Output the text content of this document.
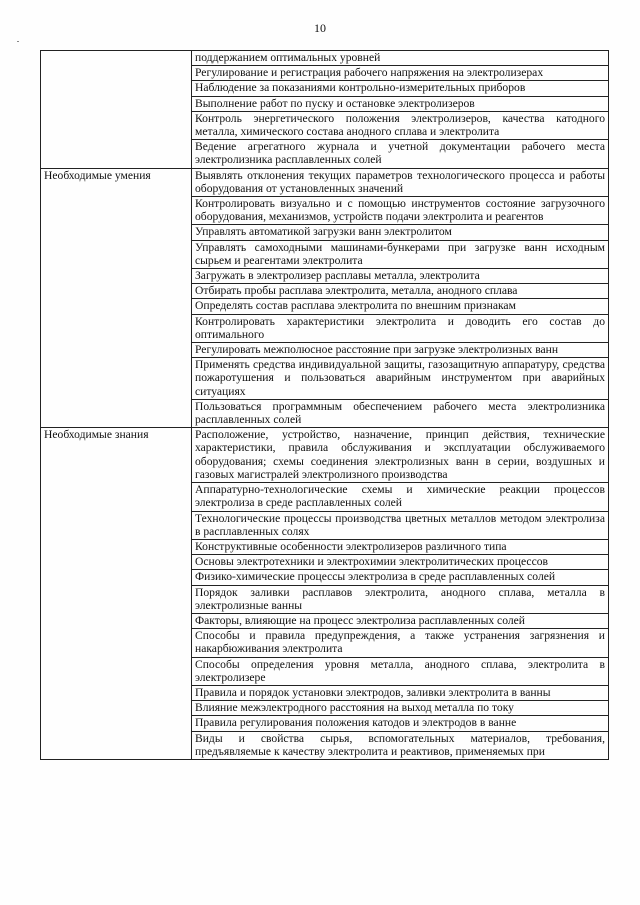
10
	поддержанием оптимальных уровней
	Регулирование и регистрация рабочего напряжения на электролизерах
	Наблюдение за показаниями контрольно-измерительных приборов
	Выполнение работ по пуску и остановке электролизеров
	Контроль энергетического положения электролизеров, качества катодного металла, химического состава анодного сплава и электролита
	Ведение агрегатного журнала и учетной документации рабочего места электролизника расплавленных солей
Необходимые умения	Выявлять отклонения текущих параметров технологического процесса и работы оборудования от установленных значений
	Контролировать визуально и с помощью инструментов состояние загрузочного оборудования, механизмов, устройств подачи электролита и реагентов
	Управлять автоматикой загрузки ванн электролитом
	Управлять самоходными машинами-бункерами при загрузке ванн исходным сырьем и реагентами электролита
	Загружать в электролизер расплавы металла, электролита
	Отбирать пробы расплава электролита, металла, анодного сплава
	Определять состав расплава электролита по внешним признакам
	Контролировать характеристики электролита и доводить его состав до оптимального
	Регулировать межполюсное расстояние при загрузке электролизных ванн
	Применять средства индивидуальной защиты, газозащитную аппаратуру, средства пожаротушения и пользоваться аварийным инструментом при аварийных ситуациях
	Пользоваться программным обеспечением рабочего места электролизника расплавленных солей
Необходимые знания	Расположение, устройство, назначение, принцип действия, технические характеристики, правила обслуживания и эксплуатации обслуживаемого оборудования; схемы соединения электролизных ванн в серии, воздушных и газовых магистралей электролизного производства
	Аппаратурно-технологические схемы и химические реакции процессов электролиза в среде расплавленных солей
	Технологические процессы производства цветных металлов методом электролиза в расплавленных солях
	Конструктивные особенности электролизеров различного типа
	Основы электротехники и электрохимии электролитических процессов
	Физико-химические процессы электролиза в среде расплавленных солей
	Порядок заливки расплавов электролита, анодного сплава, металла в электролизные ванны
	Факторы, влияющие на процесс электролиза расплавленных солей
	Способы и правила предупреждения, а также устранения загрязнения и накарбюживания электролита
	Способы определения уровня металла, анодного сплава, электролита в электролизере
	Правила и порядок установки электродов, заливки электролита в ванны
	Влияние межэлектродного расстояния на выход металла по току
	Правила регулирования положения катодов и электродов в ванне
	Виды и свойства сырья, вспомогательных материалов, требования, предъявляемые к качеству электролита и реактивов, применяемых при
